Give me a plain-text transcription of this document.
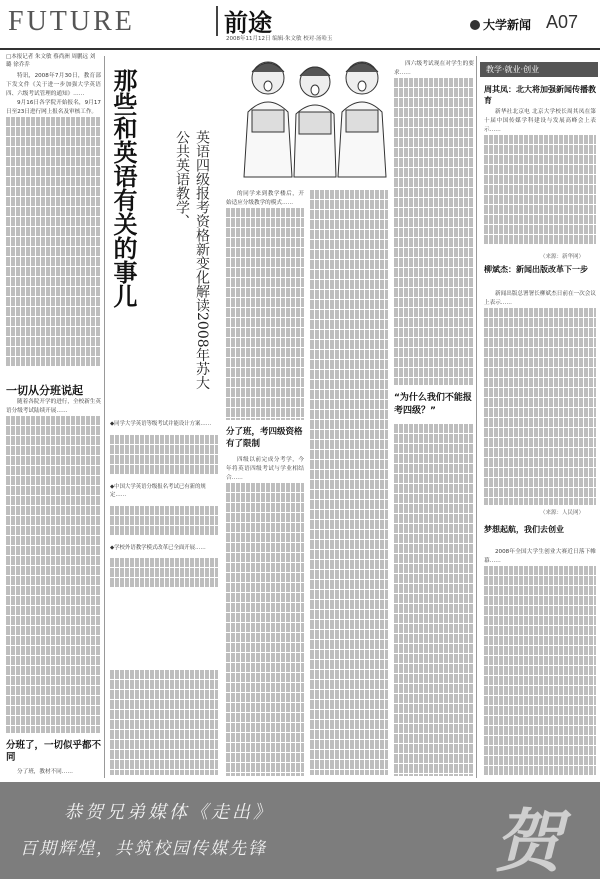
FUTURE	前途
2008年11月12日 编辑·朱文敏 校对·汤哈玉
大学新闻 A07
□本报记者 朱文敏 蔡尚洲 周鹏远 刘 璐 徐乔乔

特讯，2008年7月30日，教育部下发文件《关于进一步加强大学英语四、六级考试管理的通知》……

9月16日各学院开始报名，9月17日至23日进行网上报名及审核工作。

一切从分班说起

随着各院开学的进行，全校新生英语分级考试陆续开展……

分班了，一切似乎都不同

分了班，教材不同……

那些和英语有关的事儿	英语四级报考资格新变化解读2008年苏大公共英语教学、	的同学来到教学楼后，开始适应分级教学的模式……

分了班，考四级资格有了限制

四级以前完成分考学，今年将英语四级考试与学业相结合……

◆同学大学英语等级考试并能设计方案……

◆中国大学英语分级报名考试已有新的规定……

◆学校外语教学模式改革已全面开展……

四六级考试现在对学生的要求……

“为什么我们不能报考四级？”
教学·就业·创业
周其凤：北大将加强新闻传播教育

新华社北京电 北京大学校长周其凤在第十届中国传媒学科建设与发展高峰会上表示……

（来源：新华网）
柳斌杰：新闻出版改革下一步

新闻出版总署署长柳斌杰日前在一次会议上表示……

（来源：人民网）
梦想起航，我们去创业

2008年全国大学生创业大赛近日落下帷幕……

恭贺兄弟媒体《走出》
百期辉煌，共筑校园传媒先锋	贺
